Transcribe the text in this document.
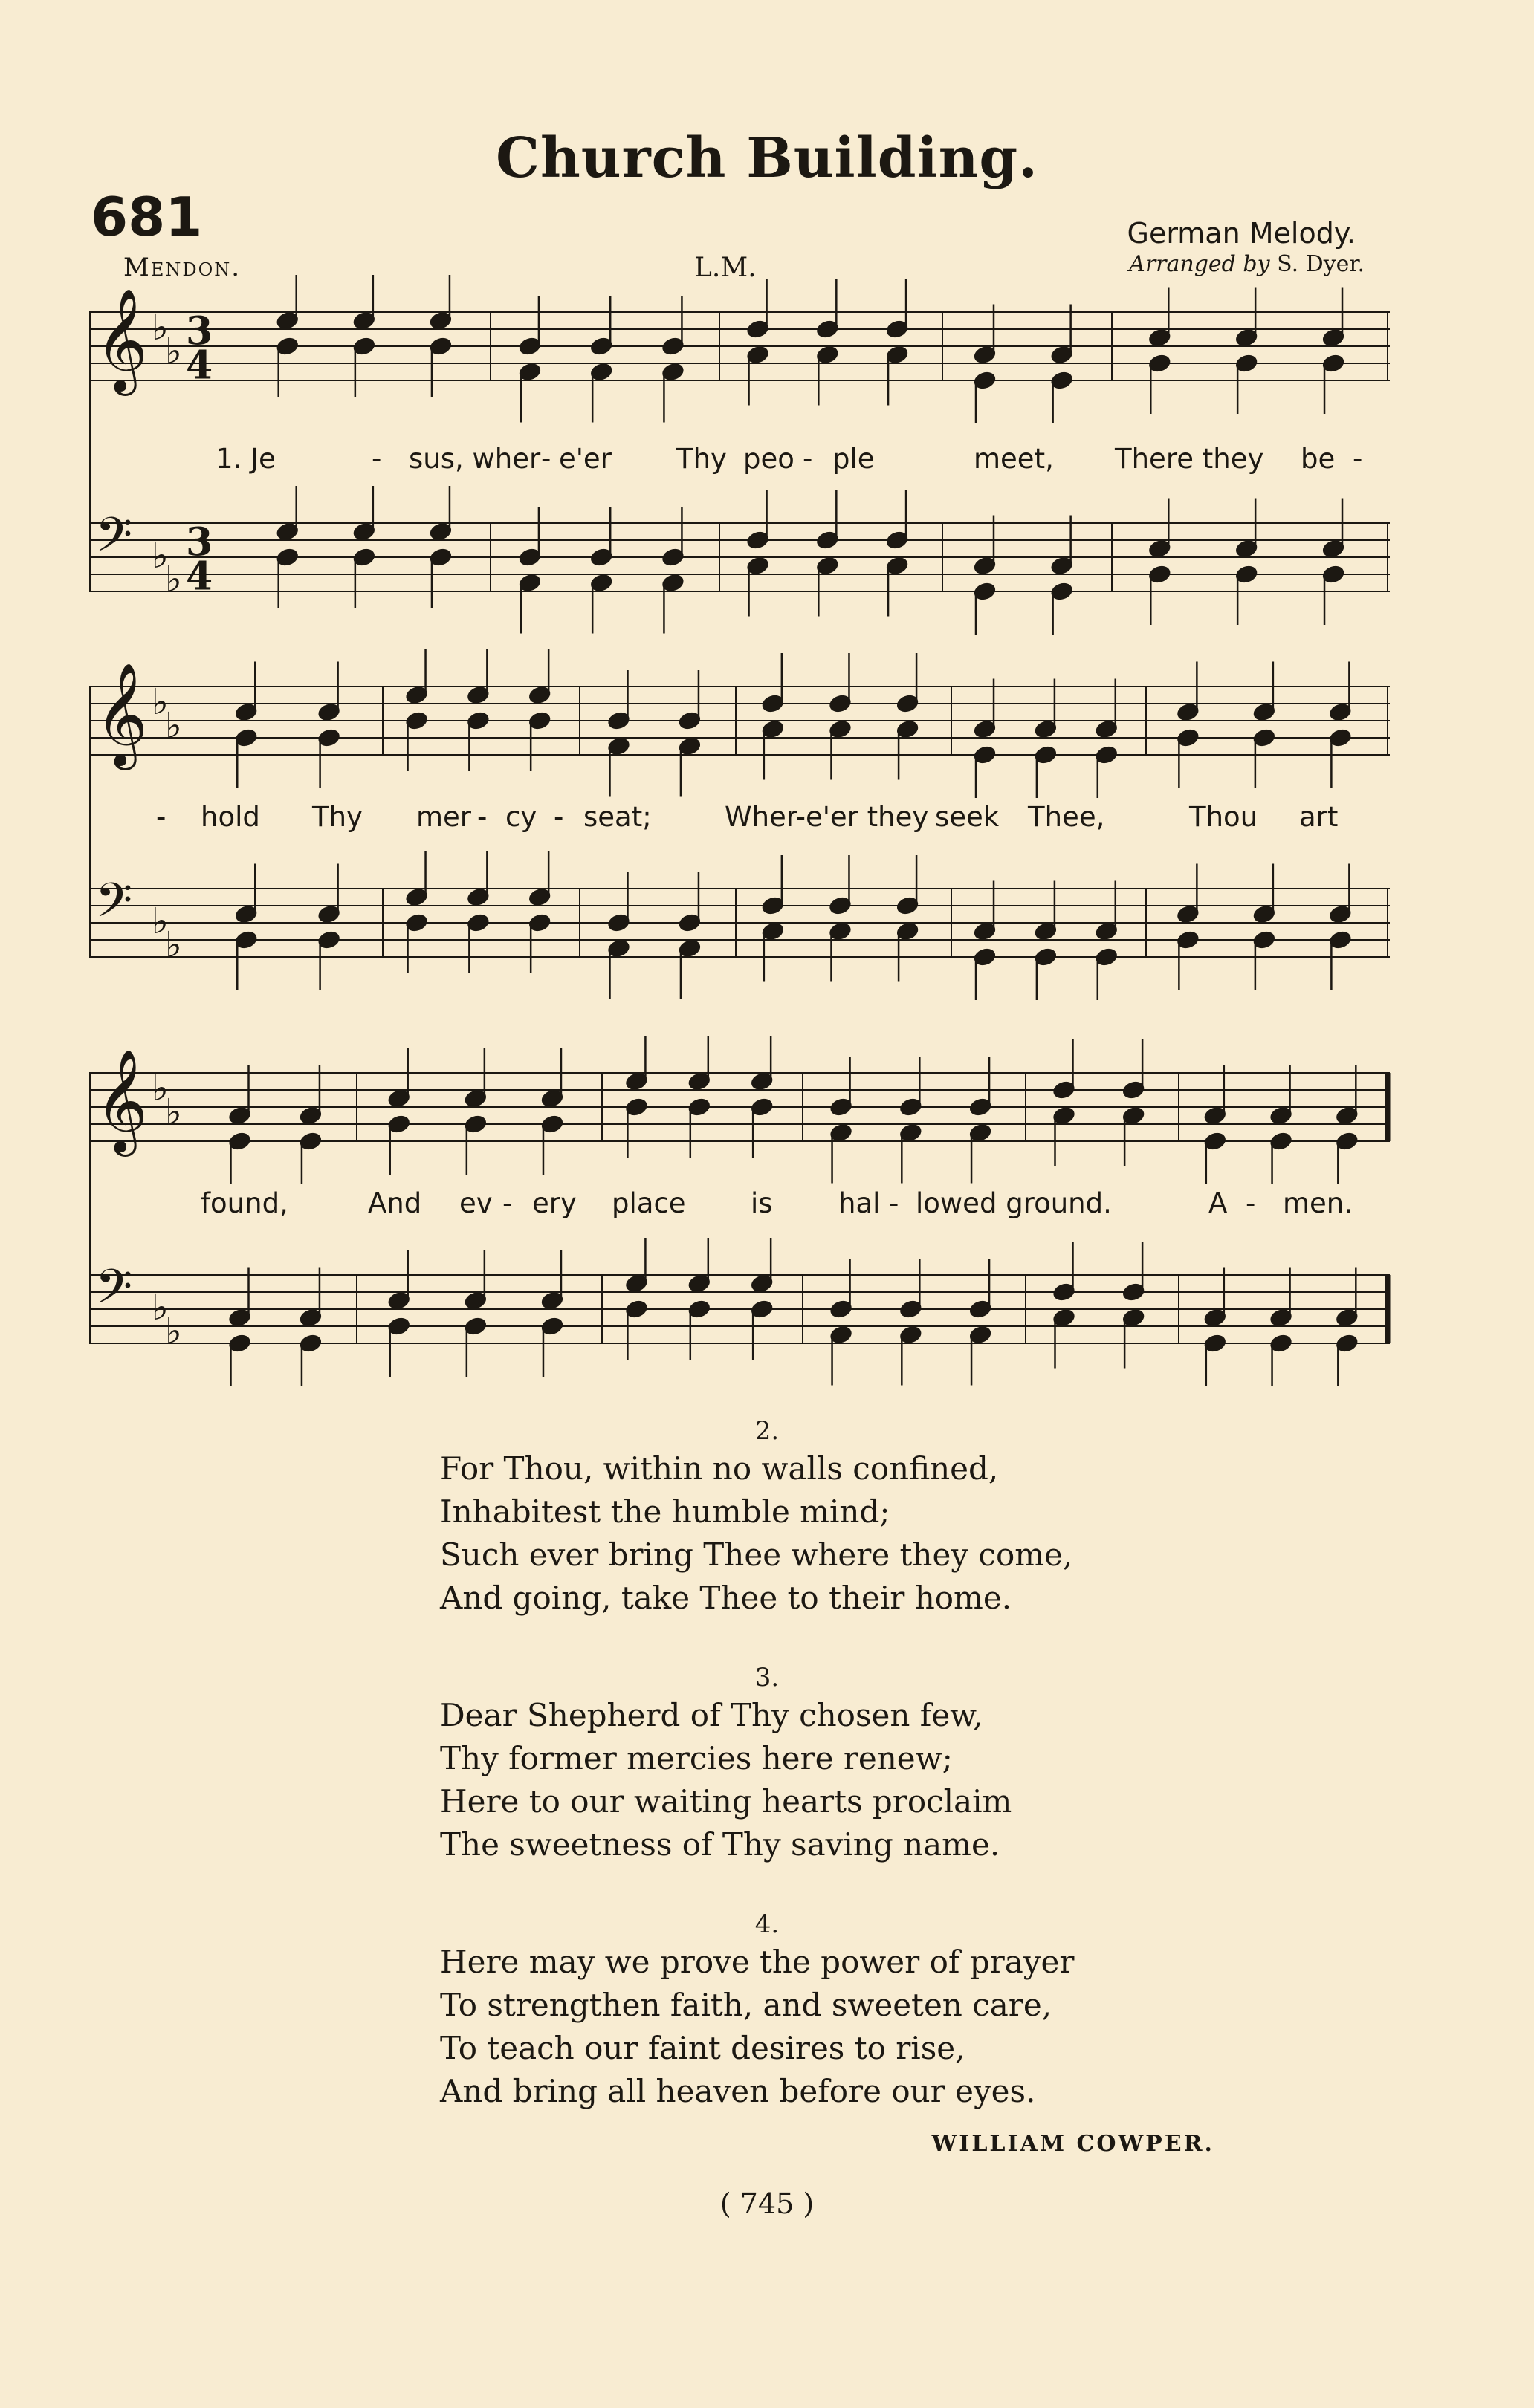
Church Building.
681
Mendon.	L.M.
German Melody.
Arranged by S. Dyer.
𝄞 ♭
♭ 3
4
𝄢 ♭
♭
3
4
1. Je	- sus, wher - e'er Thy peo - ple	meet, There they be -
𝄞 ♭
♭
𝄢 ♭
♭
- hold Thy mer - cy - seat;	Wher-e'er they seek Thee,	Thou art
𝄞 ♭
♭
𝄢 ♭
♭
found,	And ev - ery place is hal - lowed ground.	A - men.
2.
For Thou, within no walls confined,
Inhabitest the humble mind;
Such ever bring Thee where they come,
And going, take Thee to their home.
3.
Dear Shepherd of Thy chosen few,
Thy former mercies here renew;
Here to our waiting hearts proclaim
The sweetness of Thy saving name.
4.
Here may we prove the power of prayer
To strengthen faith, and sweeten care,
To teach our faint desires to rise,
And bring all heaven before our eyes.
WILLIAM COWPER.
( 745 )
